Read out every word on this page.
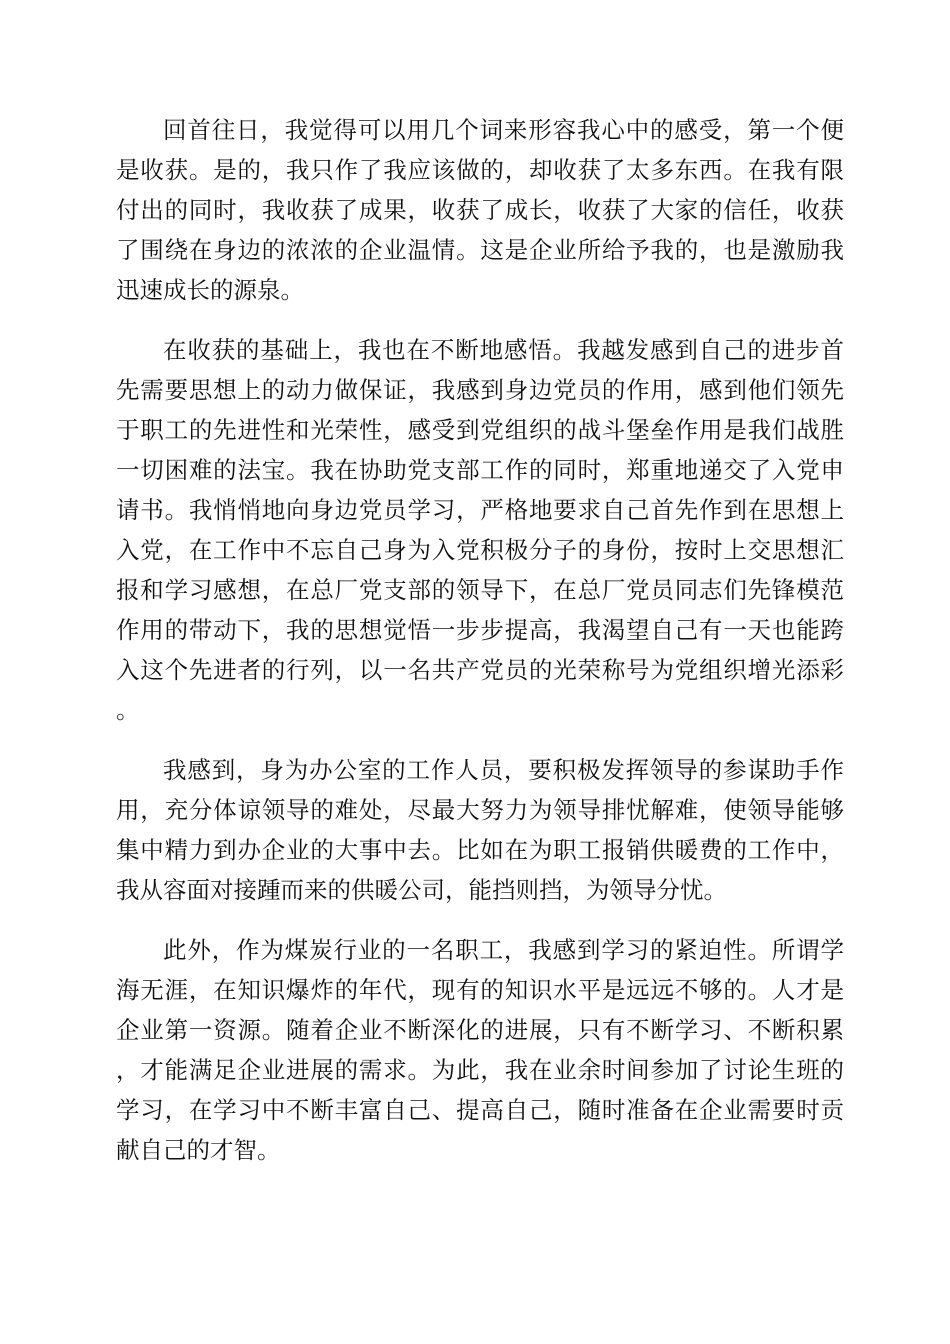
回首往日，我觉得可以用几个词来形容我心中的感受，第一个便是收获。是的，我只作了我应该做的，却收获了太多东西。在我有限付出的同时，我收获了成果，收获了成长，收获了大家的信任，收获了围绕在身边的浓浓的企业温情。这是企业所给予我的，也是激励我迅速成长的源泉。

在收获的基础上，我也在不断地感悟。我越发感到自己的进步首先需要思想上的动力做保证，我感到身边党员的作用，感到他们领先于职工的先进性和光荣性，感受到党组织的战斗堡垒作用是我们战胜一切困难的法宝。我在协助党支部工作的同时，郑重地递交了入党申请书。我悄悄地向身边党员学习，严格地要求自己首先作到在思想上入党，在工作中不忘自己身为入党积极分子的身份，按时上交思想汇报和学习感想，在总厂党支部的领导下，在总厂党员同志们先锋模范作用的带动下，我的思想觉悟一步步提高，我渴望自己有一天也能跨入这个先进者的行列，以一名共产党员的光荣称号为党组织增光添彩。

我感到，身为办公室的工作人员，要积极发挥领导的参谋助手作用，充分体谅领导的难处，尽最大努力为领导排忧解难，使领导能够集中精力到办企业的大事中去。比如在为职工报销供暖费的工作中，我从容面对接踵而来的供暖公司，能挡则挡，为领导分忧。

此外，作为煤炭行业的一名职工，我感到学习的紧迫性。所谓学海无涯，在知识爆炸的年代，现有的知识水平是远远不够的。人才是企业第一资源。随着企业不断深化的进展，只有不断学习、不断积累，才能满足企业进展的需求。为此，我在业余时间参加了讨论生班的学习，在学习中不断丰富自己、提高自己，随时准备在企业需要时贡献自己的才智。
